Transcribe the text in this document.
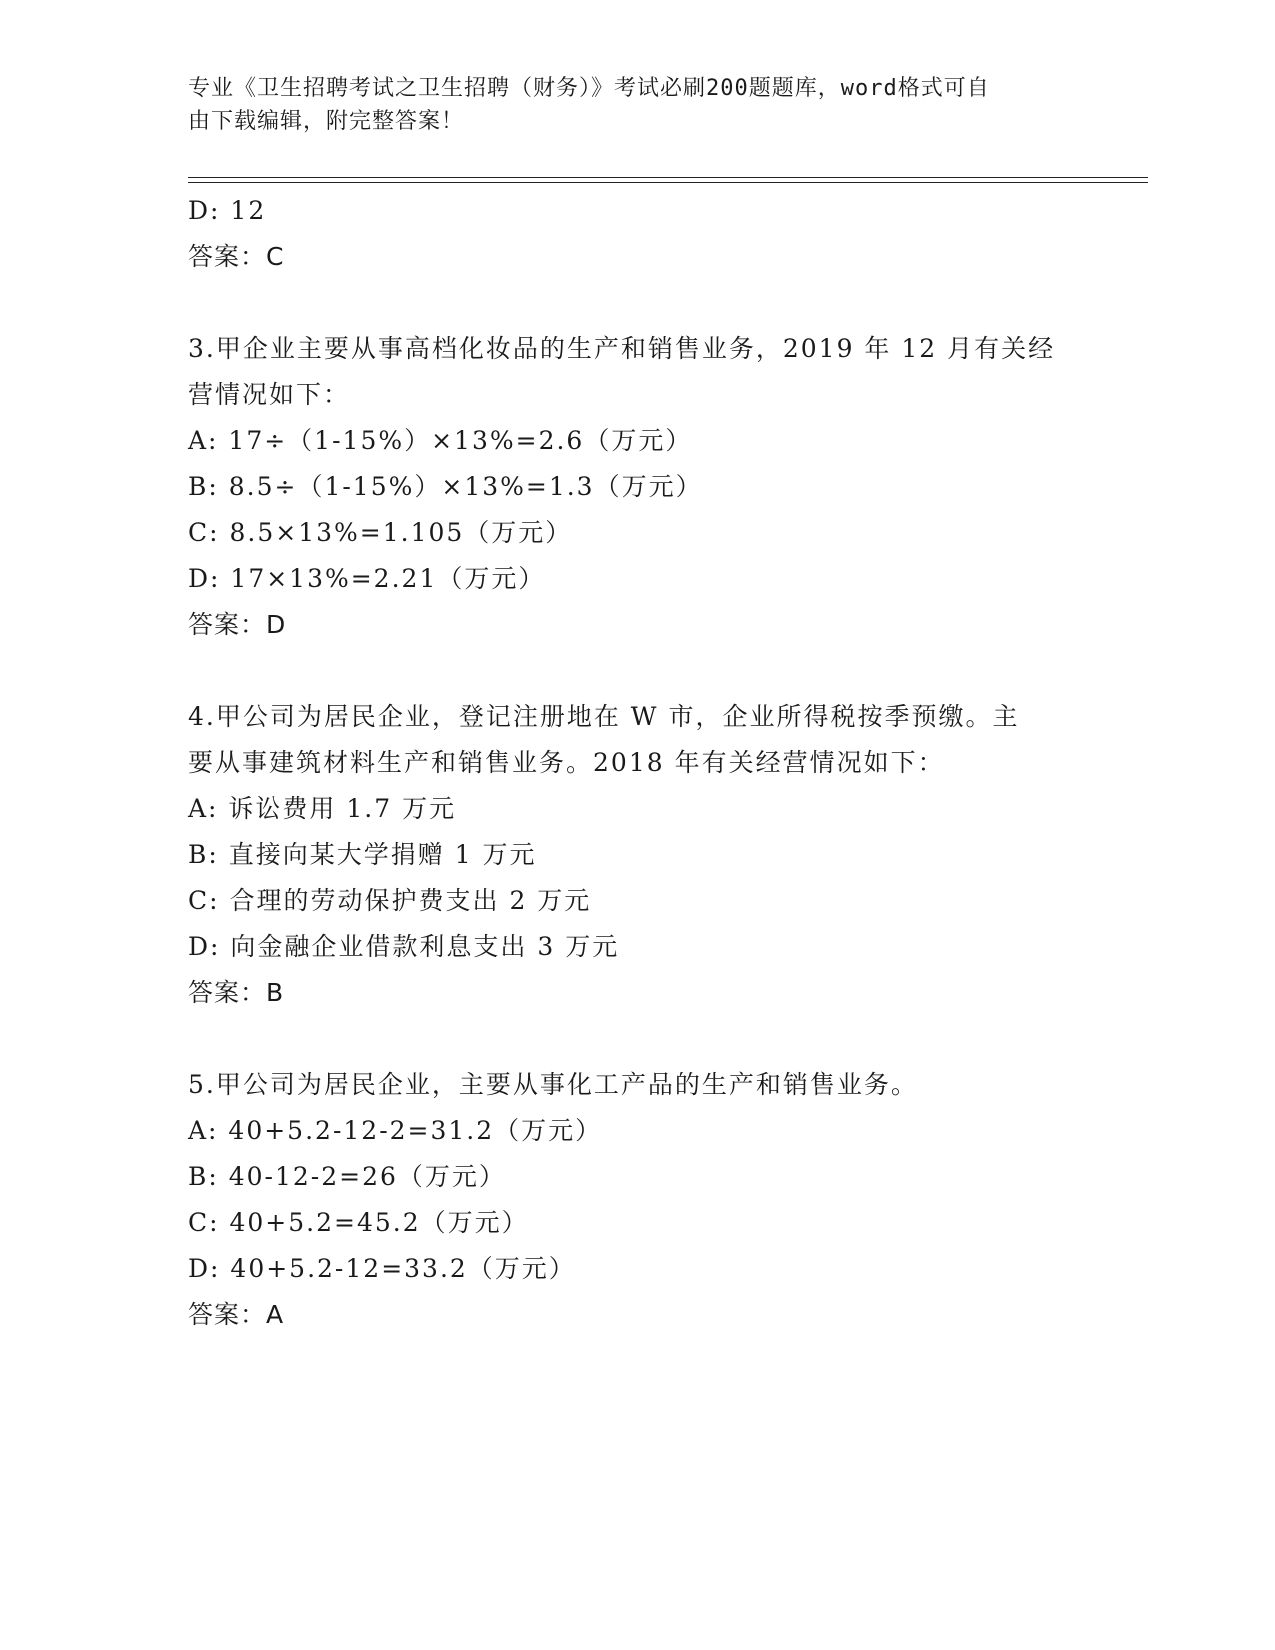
专业《卫生招聘考试之卫生招聘（财务）》考试必刷200题题库，word格式可自
由下载编辑，附完整答案！
D: 12
答案：C
3.甲企业主要从事高档化妆品的生产和销售业务，2019 年 12 月有关经
营情况如下：
A: 17÷（1-15%）×13%=2.6（万元）
B: 8.5÷（1-15%）×13%=1.3（万元）
C: 8.5×13%=1.105（万元）
D: 17×13%=2.21（万元）
答案：D
4.甲公司为居民企业，登记注册地在 W 市，企业所得税按季预缴。主
要从事建筑材料生产和销售业务。2018 年有关经营情况如下：
A: 诉讼费用 1.7 万元
B: 直接向某大学捐赠 1 万元
C: 合理的劳动保护费支出 2 万元
D: 向金融企业借款利息支出 3 万元
答案：B
5.甲公司为居民企业，主要从事化工产品的生产和销售业务。
A: 40+5.2-12-2=31.2（万元）
B: 40-12-2=26（万元）
C: 40+5.2=45.2（万元）
D: 40+5.2-12=33.2（万元）
答案：A
